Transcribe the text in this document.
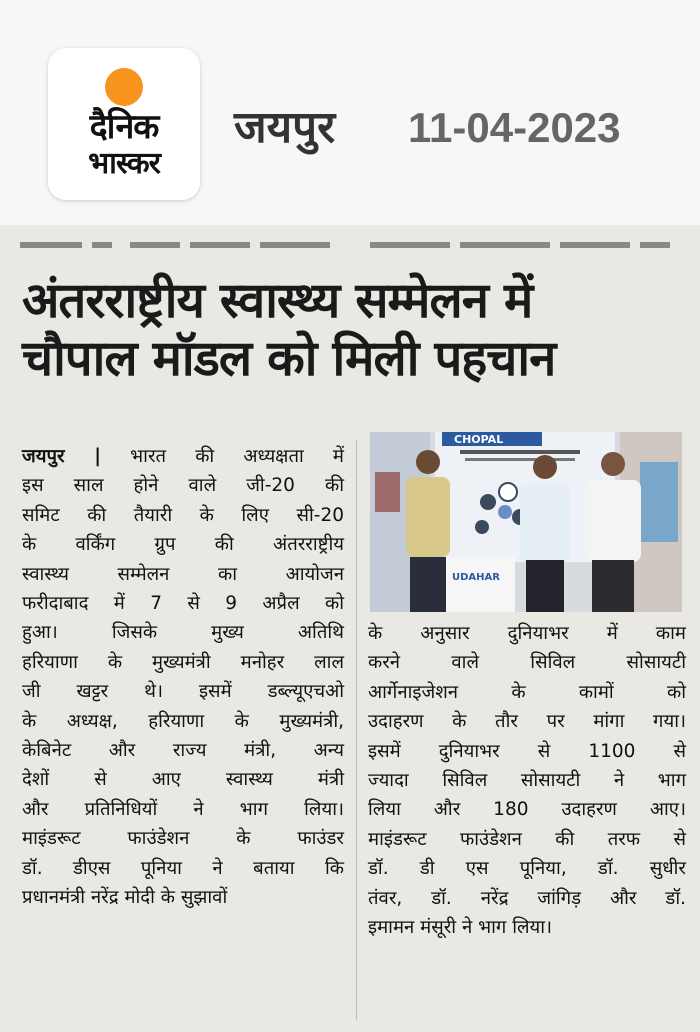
दैनिक
भास्कर
जयपुर 11-04-2023
अंतरराष्ट्रीय स्वास्थ्य सम्मेलन में
चौपाल मॉडल को मिली पहचान
जयपुर | भारत की अध्यक्षता में
इस साल होने वाले जी-20 की
समिट की तैयारी के लिए सी-20
के वर्किंग ग्रुप की अंतरराष्ट्रीय
स्वास्थ्य सम्मेलन का आयोजन
फरीदाबाद में 7 से 9 अप्रैल को
हुआ। जिसके मुख्य अतिथि
हरियाणा के मुख्यमंत्री मनोहर लाल
जी खट्टर थे। इसमें डब्ल्यूएचओ
के अध्यक्ष, हरियाणा के मुख्यमंत्री,
केबिनेट और राज्य मंत्री, अन्य
देशों से आए स्वास्थ्य मंत्री
और प्रतिनिधियों ने भाग लिया।
माइंडरूट फाउंडेशन के फाउंडर
डॉ. डीएस पूनिया ने बताया कि
प्रधानमंत्री नरेंद्र मोदी के सुझावों
CHOPAL
UDAHAR
के अनुसार दुनियाभर में काम
करने वाले सिविल सोसायटी
आर्गेनाइजेशन के कामों को
उदाहरण के तौर पर मांगा गया।
इसमें दुनियाभर से 1100 से
ज्यादा सिविल सोसायटी ने भाग
लिया और 180 उदाहरण आए।
माइंडरूट फाउंडेशन की तरफ से
डॉ. डी एस पूनिया, डॉ. सुधीर
तंवर, डॉ. नरेंद्र जांगिड़ और डॉ.
इमामन मंसूरी ने भाग लिया।
